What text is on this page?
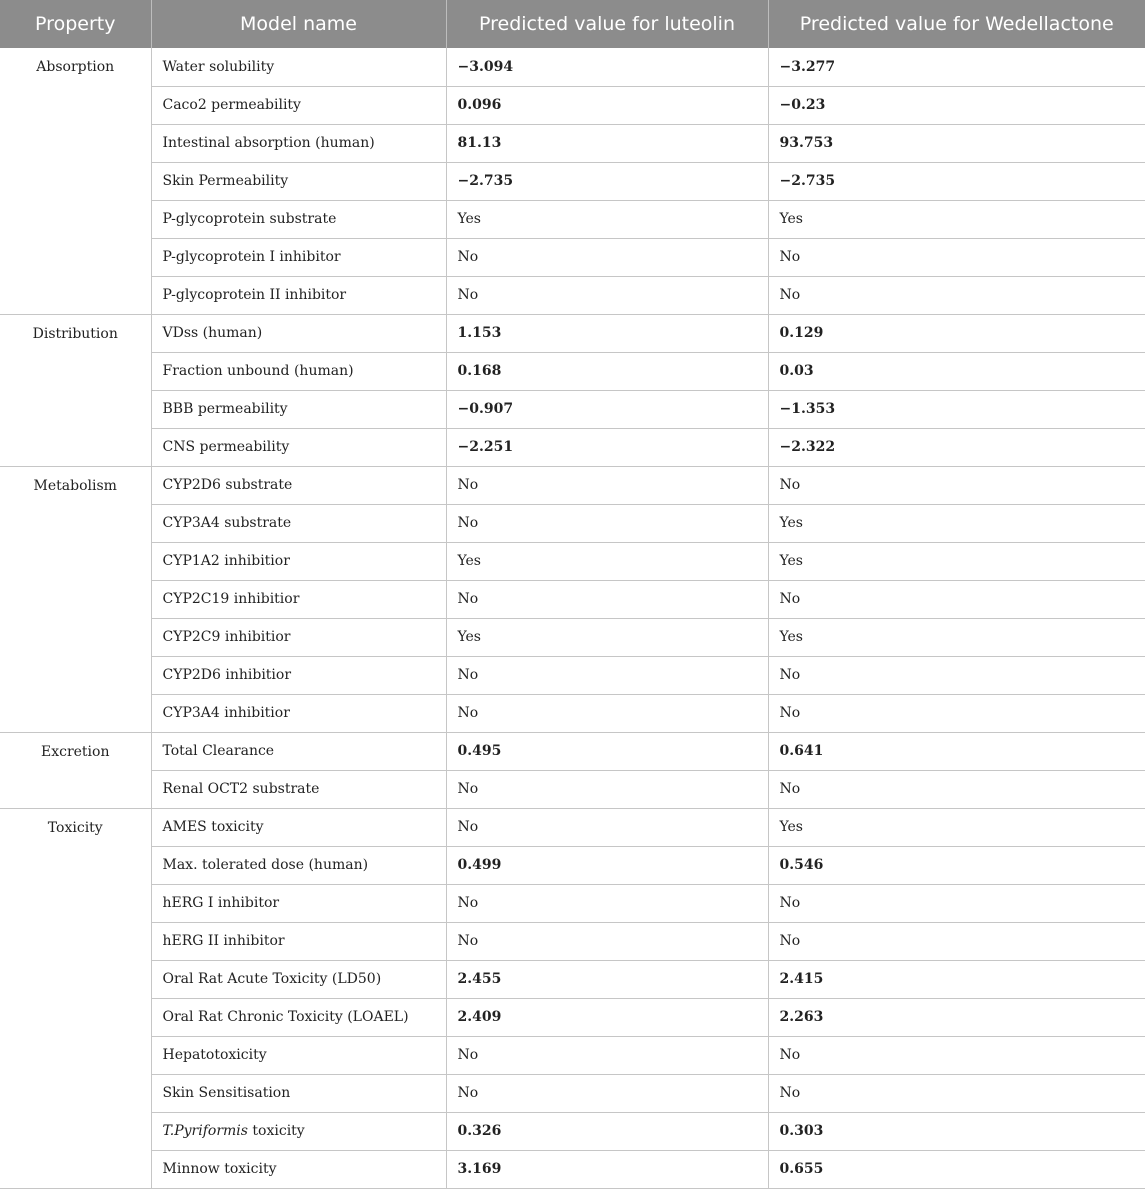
Property	Model name	Predicted value for luteolin	Predicted value for Wedellactone
Absorption	Water solubility	−3.094	−3.277
	Caco2 permeability	0.096	−0.23
	Intestinal absorption (human)	81.13	93.753
	Skin Permeability	−2.735	−2.735
	P-glycoprotein substrate	Yes	Yes
	P-glycoprotein I inhibitor	No	No
	P-glycoprotein II inhibitor	No	No
Distribution	VDss (human)	1.153	0.129
	Fraction unbound (human)	0.168	0.03
	BBB permeability	−0.907	−1.353
	CNS permeability	−2.251	−2.322
Metabolism	CYP2D6 substrate	No	No
	CYP3A4 substrate	No	Yes
	CYP1A2 inhibitior	Yes	Yes
	CYP2C19 inhibitior	No	No
	CYP2C9 inhibitior	Yes	Yes
	CYP2D6 inhibitior	No	No
	CYP3A4 inhibitior	No	No
Excretion	Total Clearance	0.495	0.641
	Renal OCT2 substrate	No	No
Toxicity	AMES toxicity	No	Yes
	Max. tolerated dose (human)	0.499	0.546
	hERG I inhibitor	No	No
	hERG II inhibitor	No	No
	Oral Rat Acute Toxicity (LD50)	2.455	2.415
	Oral Rat Chronic Toxicity (LOAEL)	2.409	2.263
	Hepatotoxicity	No	No
	Skin Sensitisation	No	No
	T.Pyriformis toxicity	0.326	0.303
	Minnow toxicity	3.169	0.655
